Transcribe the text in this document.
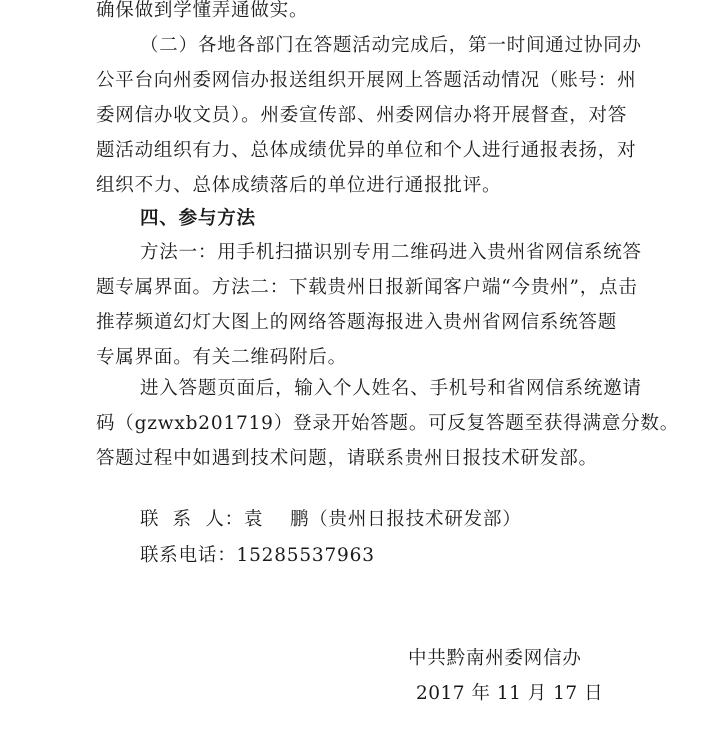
确保做到学懂弄通做实。
（二）各地各部门在答题活动完成后，第一时间通过协同办
公平台向州委网信办报送组织开展网上答题活动情况（账号：州
委网信办收文员）。州委宣传部、州委网信办将开展督查，对答
题活动组织有力、总体成绩优异的单位和个人进行通报表扬，对
组织不力、总体成绩落后的单位进行通报批评。
四、参与方法
方法一：用手机扫描识别专用二维码进入贵州省网信系统答
题专属界面。方法二：下载贵州日报新闻客户端“今贵州”，点击
推荐频道幻灯大图上的网络答题海报进入贵州省网信系统答题
专属界面。有关二维码附后。
进入答题页面后，输入个人姓名、手机号和省网信系统邀请
码（gzwxb201719）登录开始答题。可反复答题至获得满意分数。
答题过程中如遇到技术问题，请联系贵州日报技术研发部。
联  系  人：袁    鹏（贵州日报技术研发部）
联系电话：15285537963
中共黔南州委网信办
2017 年 11 月 17 日
